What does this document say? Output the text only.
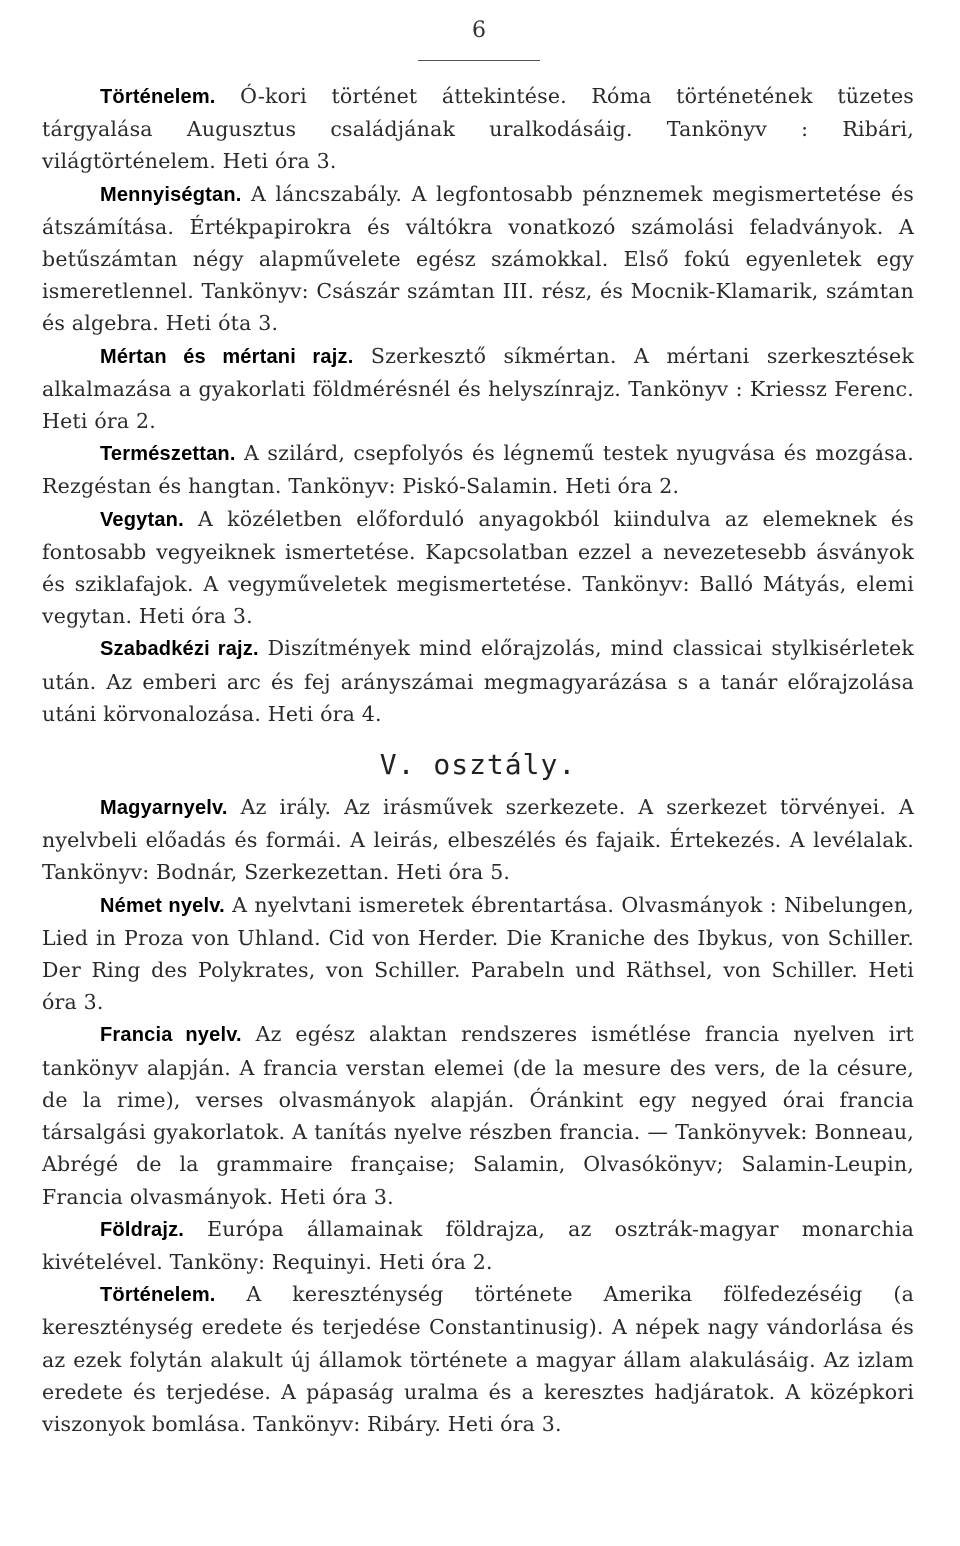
6

Történelem. Ó-kori történet áttekintése. Róma történetének tüzetes tárgyalása Augusztus családjának uralkodásáig. Tankönyv : Ribári, világtörténelem. Heti óra 3.

Mennyiségtan. A láncszabály. A legfontosabb pénznemek megismertetése és átszámítása. Értékpapirokra és váltókra vonatkozó számolási feladványok. A betűszámtan négy alapművelete egész számokkal. Első fokú egyenletek egy ismeretlennel. Tankönyv: Császár számtan III. rész, és Mocnik-Klamarik, számtan és algebra. Heti óta 3.

Mértan és mértani rajz. Szerkesztő síkmértan. A mértani szerkesztések alkalmazása a gyakorlati földmérésnél és helyszínrajz. Tankönyv : Kriessz Ferenc. Heti óra 2.

Természettan. A szilárd, csepfolyós és légnemű testek nyugvása és mozgása. Rezgéstan és hangtan. Tankönyv: Piskó-Salamin. Heti óra 2.

Vegytan. A közéletben előforduló anyagokból kiindulva az elemeknek és fontosabb vegyeiknek ismertetése. Kapcsolatban ezzel a nevezetesebb ásványok és sziklafajok. A vegyműveletek megismertetése. Tankönyv: Balló Mátyás, elemi vegytan. Heti óra 3.

Szabadkézi rajz. Diszítmények mind előrajzolás, mind classicai stylkisérletek után. Az emberi arc és fej arányszámai megmagyarázása s a tanár előrajzolása utáni körvonalozása. Heti óra 4.

V. osztály.

Magyarnyelv. Az irály. Az irásművek szerkezete. A szerkezet törvényei. A nyelvbeli előadás és formái. A leirás, elbeszélés és fajaik. Értekezés. A levélalak. Tankönyv: Bodnár, Szerkezettan. Heti óra 5.

Német nyelv. A nyelvtani ismeretek ébrentartása. Olvasmányok : Nibelungen, Lied in Proza von Uhland. Cid von Herder. Die Kraniche des Ibykus, von Schiller. Der Ring des Polykrates, von Schiller. Parabeln und Räthsel, von Schiller. Heti óra 3.

Francia nyelv. Az egész alaktan rendszeres ismétlése francia nyelven irt tankönyv alapján. A francia verstan elemei (de la mesure des vers, de la césure, de la rime), verses olvasmányok alapján. Óránkint egy negyed órai francia társalgási gyakorlatok. A tanítás nyelve részben francia. — Tankönyvek: Bonneau, Abrégé de la grammaire française; Salamin, Olvasókönyv; Salamin-Leupin, Francia olvasmányok. Heti óra 3.

Földrajz. Európa államainak földrajza, az osztrák-magyar monarchia kivételével. Tanköny: Requinyi. Heti óra 2.

Történelem. A kereszténység története Amerika fölfedezéséig (a kereszténység eredete és terjedése Constantinusig). A népek nagy vándorlása és az ezek folytán alakult új államok története a magyar állam alakulásáig. Az izlam eredete és terjedése. A pápaság uralma és a keresztes hadjáratok. A középkori viszonyok bomlása. Tankönyv: Ribáry. Heti óra 3.
